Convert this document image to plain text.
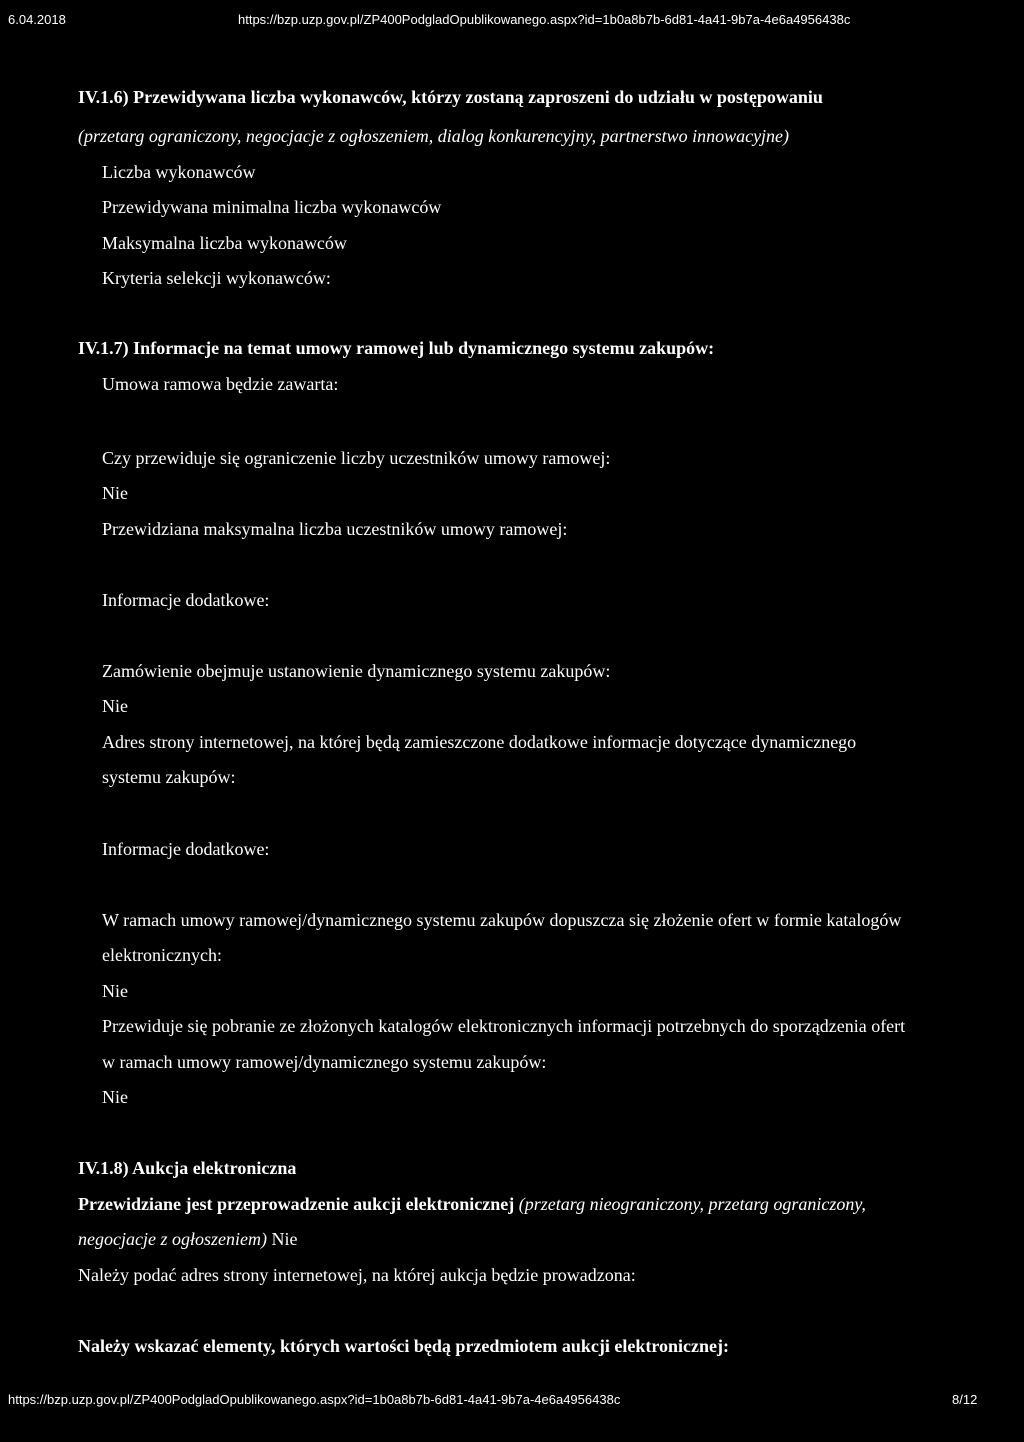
6.04.2018	https://bzp.uzp.gov.pl/ZP400PodgladOpublikowanego.aspx?id=1b0a8b7b-6d81-4a41-9b7a-4e6a4956438c
IV.1.6) Przewidywana liczba wykonawców, którzy zostaną zaproszeni do udziału w postępowaniu
(przetarg ograniczony, negocjacje z ogłoszeniem, dialog konkurencyjny, partnerstwo innowacyjne)
Liczba wykonawców
Przewidywana minimalna liczba wykonawców
Maksymalna liczba wykonawców
Kryteria selekcji wykonawców:
IV.1.7) Informacje na temat umowy ramowej lub dynamicznego systemu zakupów:
Umowa ramowa będzie zawarta:
Czy przewiduje się ograniczenie liczby uczestników umowy ramowej:
Nie
Przewidziana maksymalna liczba uczestników umowy ramowej:
Informacje dodatkowe:
Zamówienie obejmuje ustanowienie dynamicznego systemu zakupów:
Nie
Adres strony internetowej, na której będą zamieszczone dodatkowe informacje dotyczące dynamicznego
systemu zakupów:
Informacje dodatkowe:
W ramach umowy ramowej/dynamicznego systemu zakupów dopuszcza się złożenie ofert w formie katalogów
elektronicznych:
Nie
Przewiduje się pobranie ze złożonych katalogów elektronicznych informacji potrzebnych do sporządzenia ofert
w ramach umowy ramowej/dynamicznego systemu zakupów:
Nie
IV.1.8) Aukcja elektroniczna
Przewidziane jest przeprowadzenie aukcji elektronicznej (przetarg nieograniczony, przetarg ograniczony,
negocjacje z ogłoszeniem) Nie
Należy podać adres strony internetowej, na której aukcja będzie prowadzona:
Należy wskazać elementy, których wartości będą przedmiotem aukcji elektronicznej:
https://bzp.uzp.gov.pl/ZP400PodgladOpublikowanego.aspx?id=1b0a8b7b-6d81-4a41-9b7a-4e6a4956438c	8/12
